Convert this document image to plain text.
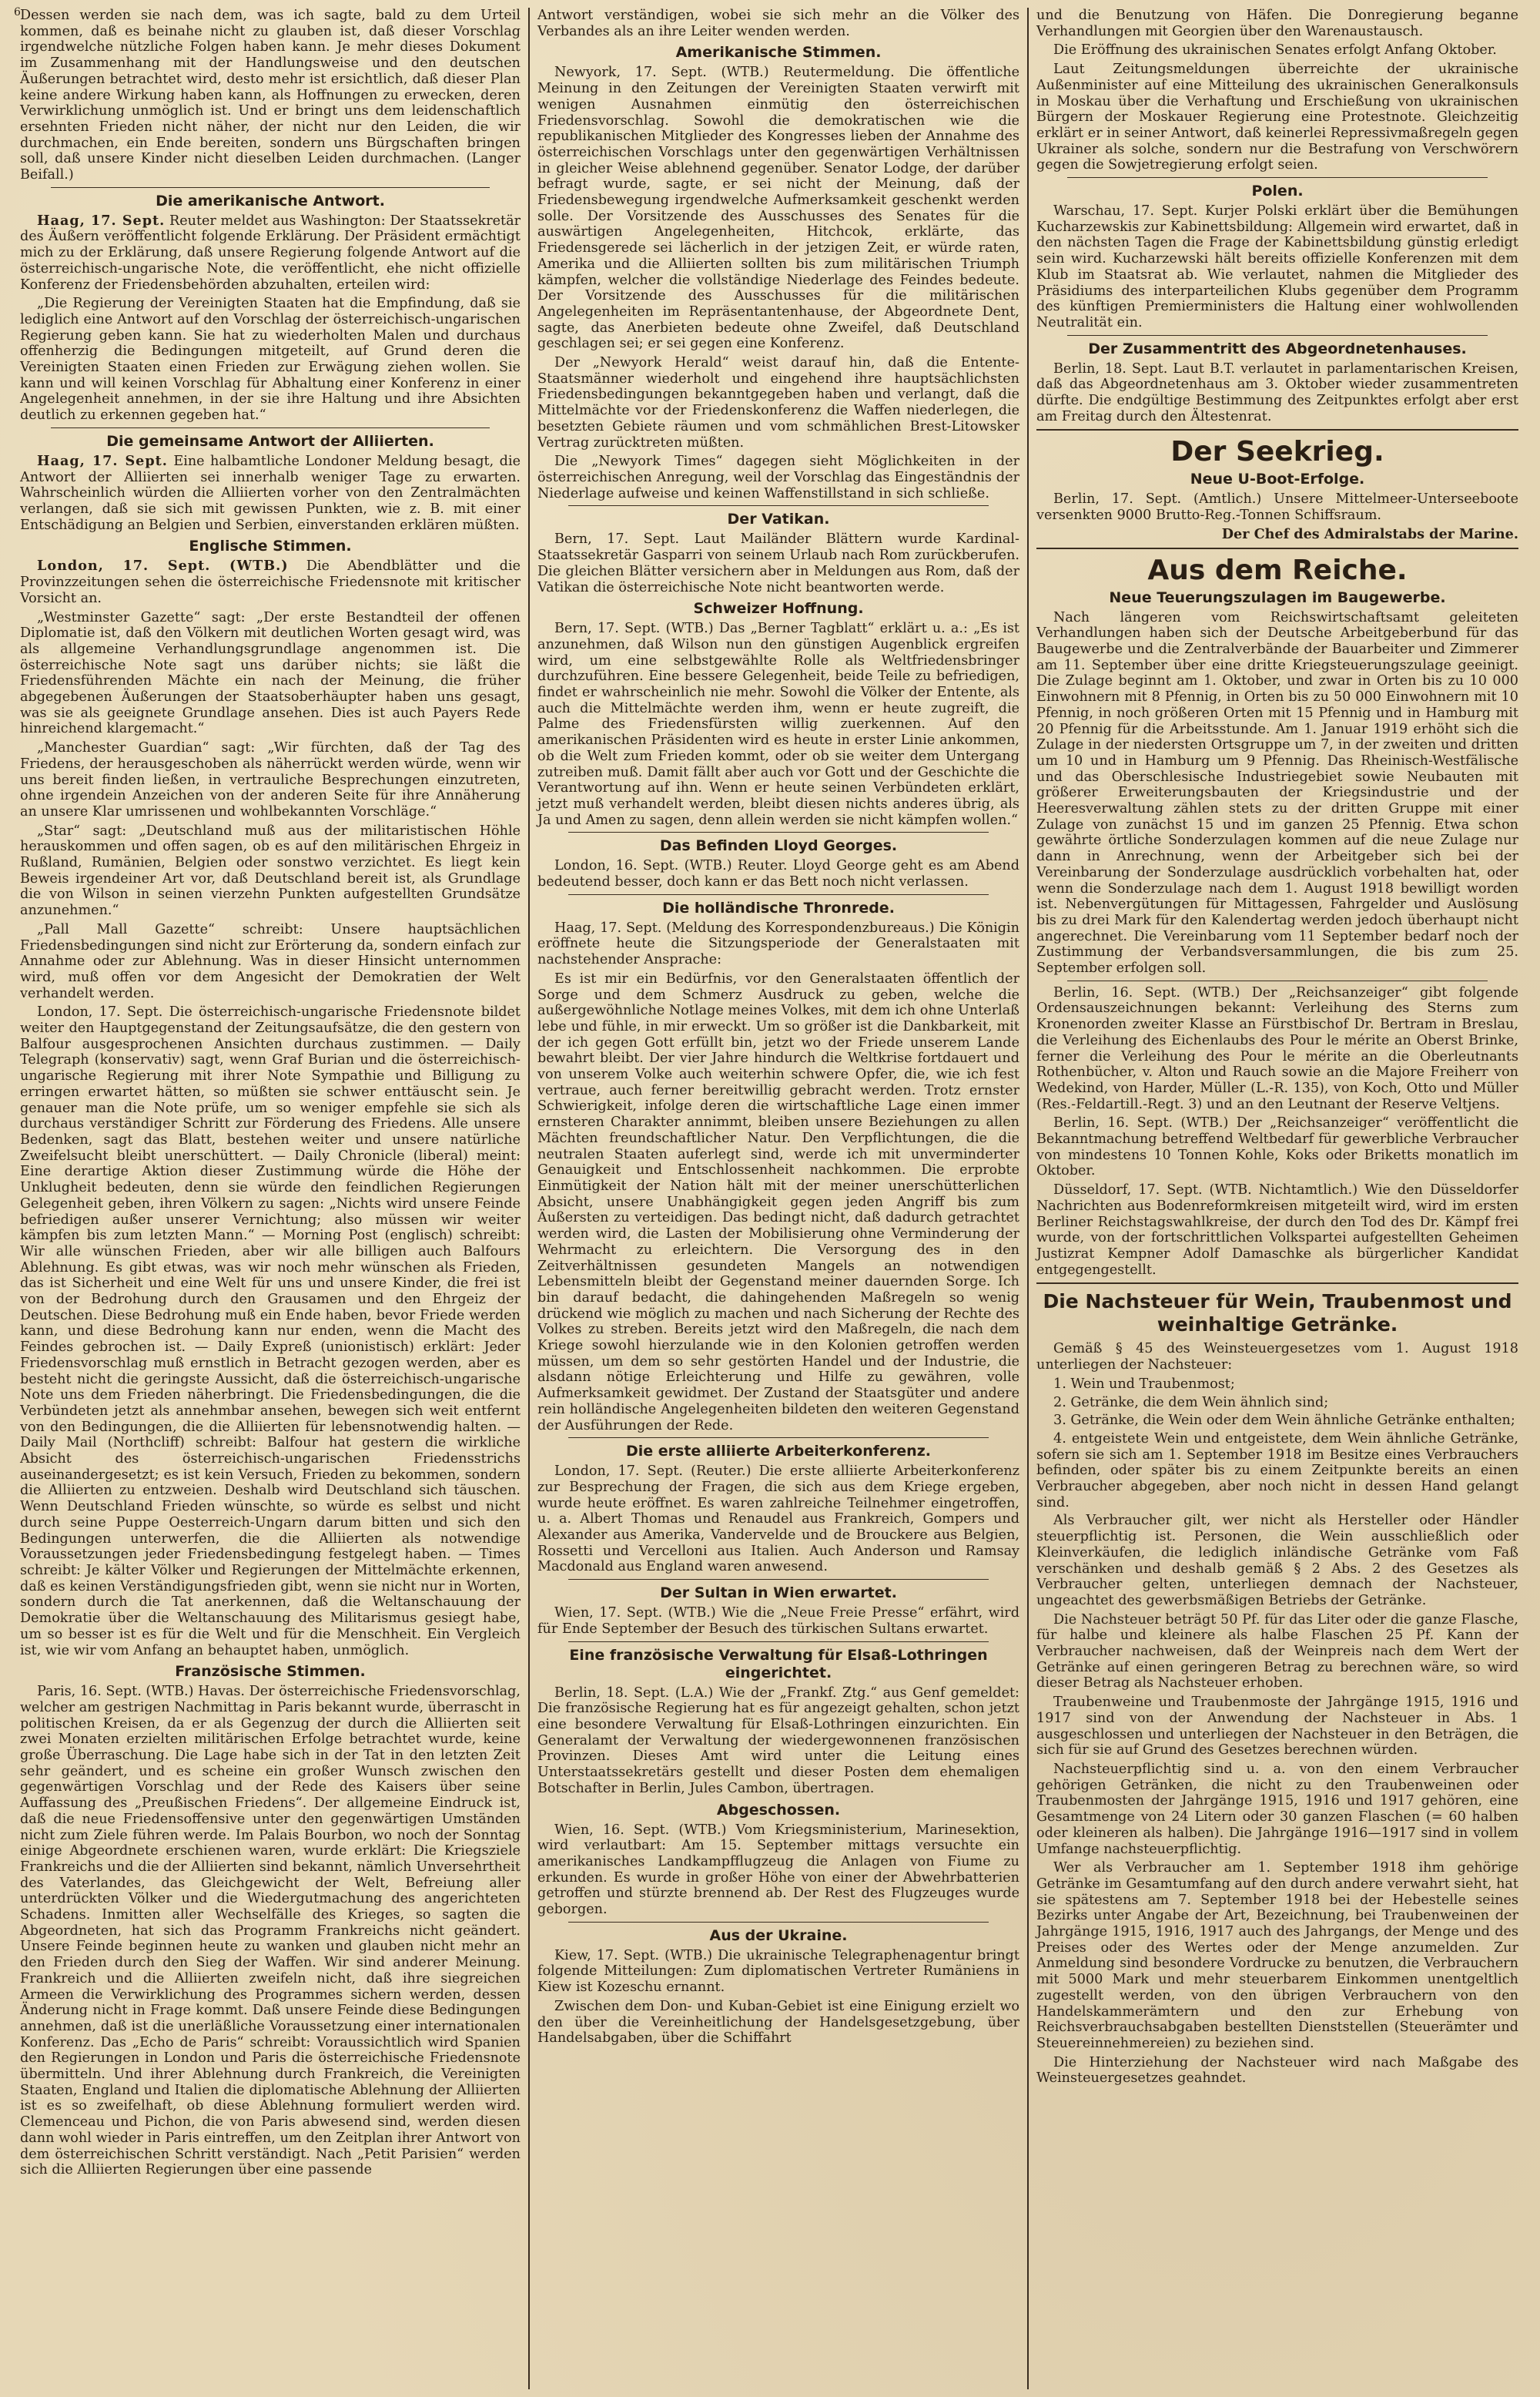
6 Dessen werden sie nach dem, was ich sagte, bald zu dem Urteil kommen, daß es beinahe nicht zu glauben ist, daß dieser Vorschlag irgendwelche nützliche Folgen haben kann. Je mehr dieses Dokument im Zusammenhang mit der Handlungsweise und den deutschen Äußerungen betrachtet wird, desto mehr ist ersichtlich, daß dieser Plan keine andere Wirkung haben kann, als Hoffnungen zu erwecken, deren Verwirklichung unmöglich ist. Und er bringt uns dem leidenschaftlich ersehnten Frieden nicht näher, der nicht nur den Leiden, die wir durchmachen, ein Ende bereiten, sondern uns Bürgschaften bringen soll, daß unsere Kinder nicht dieselben Leiden durchmachen. (Langer Beifall.)

Die amerikanische Antwort.

Haag, 17. Sept. Reuter meldet aus Washington: Der Staatssekretär des Äußern veröffentlicht folgende Erklärung. Der Präsident ermächtigt mich zu der Erklärung, daß unsere Regierung folgende Antwort auf die österreichisch-ungarische Note, die veröffentlicht, ehe nicht offizielle Konferenz der Friedensbehörden abzuhalten, erteilen wird:

„Die Regierung der Vereinigten Staaten hat die Empfindung, daß sie lediglich eine Antwort auf den Vorschlag der österreichisch-ungarischen Regierung geben kann. Sie hat zu wiederholten Malen und durchaus offenherzig die Bedingungen mitgeteilt, auf Grund deren die Vereinigten Staaten einen Frieden zur Erwägung ziehen wollen. Sie kann und will keinen Vorschlag für Abhaltung einer Konferenz in einer Angelegenheit annehmen, in der sie ihre Haltung und ihre Absichten deutlich zu erkennen gegeben hat.“

Die gemeinsame Antwort der Alliierten.

Haag, 17. Sept. Eine halbamtliche Londoner Meldung besagt, die Antwort der Alliierten sei innerhalb weniger Tage zu erwarten. Wahrscheinlich würden die Alliierten vorher von den Zentralmächten verlangen, daß sie sich mit gewissen Punkten, wie z. B. mit einer Entschädigung an Belgien und Serbien, einverstanden erklären müßten.

Englische Stimmen.

London, 17. Sept. (WTB.) Die Abendblätter und die Provinzzeitungen sehen die österreichische Friedensnote mit kritischer Vorsicht an.

„Westminster Gazette“ sagt: „Der erste Bestandteil der offenen Diplomatie ist, daß den Völkern mit deutlichen Worten gesagt wird, was als allgemeine Verhandlungsgrundlage angenommen ist. Die österreichische Note sagt uns darüber nichts; sie läßt die Friedensführenden Mächte ein nach der Meinung, die früher abgegebenen Äußerungen der Staatsoberhäupter haben uns gesagt, was sie als geeignete Grundlage ansehen. Dies ist auch Payers Rede hinreichend klargemacht.“

„Manchester Guardian“ sagt: „Wir fürchten, daß der Tag des Friedens, der herausgeschoben als näherrückt werden würde, wenn wir uns bereit finden ließen, in vertrauliche Besprechungen einzutreten, ohne irgendein Anzeichen von der anderen Seite für ihre Annäherung an unsere Klar umrissenen und wohlbekannten Vorschläge.“

„Star“ sagt: „Deutschland muß aus der militaristischen Höhle herauskommen und offen sagen, ob es auf den militärischen Ehrgeiz in Rußland, Rumänien, Belgien oder sonstwo verzichtet. Es liegt kein Beweis irgendeiner Art vor, daß Deutschland bereit ist, als Grundlage die von Wilson in seinen vierzehn Punkten aufgestellten Grundsätze anzunehmen.“

„Pall Mall Gazette“ schreibt: Unsere hauptsächlichen Friedensbedingungen sind nicht zur Erörterung da, sondern einfach zur Annahme oder zur Ablehnung. Was in dieser Hinsicht unternommen wird, muß offen vor dem Angesicht der Demokratien der Welt verhandelt werden.

London, 17. Sept. Die österreichisch-ungarische Friedensnote bildet weiter den Hauptgegenstand der Zeitungsaufsätze, die den gestern von Balfour ausgesprochenen Ansichten durchaus zustimmen. — Daily Telegraph (konservativ) sagt, wenn Graf Burian und die österreichisch-ungarische Regierung mit ihrer Note Sympathie und Billigung zu erringen erwartet hätten, so müßten sie schwer enttäuscht sein. Je genauer man die Note prüfe, um so weniger empfehle sie sich als durchaus verständiger Schritt zur Förderung des Friedens. Alle unsere Bedenken, sagt das Blatt, bestehen weiter und unsere natürliche Zweifelsucht bleibt unerschüttert. — Daily Chronicle (liberal) meint: Eine derartige Aktion dieser Zustimmung würde die Höhe der Unklugheit bedeuten, denn sie würde den feindlichen Regierungen Gelegenheit geben, ihren Völkern zu sagen: „Nichts wird unsere Feinde befriedigen außer unserer Vernichtung; also müssen wir weiter kämpfen bis zum letzten Mann.“ — Morning Post (englisch) schreibt: Wir alle wünschen Frieden, aber wir alle billigen auch Balfours Ablehnung. Es gibt etwas, was wir noch mehr wünschen als Frieden, das ist Sicherheit und eine Welt für uns und unsere Kinder, die frei ist von der Bedrohung durch den Grausamen und den Ehrgeiz der Deutschen. Diese Bedrohung muß ein Ende haben, bevor Friede werden kann, und diese Bedrohung kann nur enden, wenn die Macht des Feindes gebrochen ist. — Daily Expreß (unionistisch) erklärt: Jeder Friedensvorschlag muß ernstlich in Betracht gezogen werden, aber es besteht nicht die geringste Aussicht, daß die österreichisch-ungarische Note uns dem Frieden näherbringt. Die Friedensbedingungen, die die Verbündeten jetzt als annehmbar ansehen, bewegen sich weit entfernt von den Bedingungen, die die Alliierten für lebensnotwendig halten. — Daily Mail (Northcliff) schreibt: Balfour hat gestern die wirkliche Absicht des österreichisch-ungarischen Friedensstrichs auseinandergesetzt; es ist kein Versuch, Frieden zu bekommen, sondern die Alliierten zu entzweien. Deshalb wird Deutschland sich täuschen. Wenn Deutschland Frieden wünschte, so würde es selbst und nicht durch seine Puppe Oesterreich-Ungarn darum bitten und sich den Bedingungen unterwerfen, die die Alliierten als notwendige Voraussetzungen jeder Friedensbedingung festgelegt haben. — Times schreibt: Je kälter Völker und Regierungen der Mittelmächte erkennen, daß es keinen Verständigungsfrieden gibt, wenn sie nicht nur in Worten, sondern durch die Tat anerkennen, daß die Weltanschauung der Demokratie über die Weltanschauung des Militarismus gesiegt habe, um so besser ist es für die Welt und für die Menschheit. Ein Vergleich ist, wie wir vom Anfang an behauptet haben, unmöglich.

Französische Stimmen.

Paris, 16. Sept. (WTB.) Havas. Der österreichische Friedensvorschlag, welcher am gestrigen Nachmittag in Paris bekannt wurde, überrascht in politischen Kreisen, da er als Gegenzug der durch die Alliierten seit zwei Monaten erzielten militärischen Erfolge betrachtet wurde, keine große Überraschung. Die Lage habe sich in der Tat in den letzten Zeit sehr geändert, und es scheine ein großer Wunsch zwischen den gegenwärtigen Vorschlag und der Rede des Kaisers über seine Auffassung des „Preußischen Friedens“. Der allgemeine Eindruck ist, daß die neue Friedensoffensive unter den gegenwärtigen Umständen nicht zum Ziele führen werde. Im Palais Bourbon, wo noch der Sonntag einige Abgeordnete erschienen waren, wurde erklärt: Die Kriegsziele Frankreichs und die der Alliierten sind bekannt, nämlich Unversehrtheit des Vaterlandes, das Gleichgewicht der Welt, Befreiung aller unterdrückten Völker und die Wiedergutmachung des angerichteten Schadens. Inmitten aller Wechselfälle des Krieges, so sagten die Abgeordneten, hat sich das Programm Frankreichs nicht geändert. Unsere Feinde beginnen heute zu wanken und glauben nicht mehr an den Frieden durch den Sieg der Waffen. Wir sind anderer Meinung. Frankreich und die Alliierten zweifeln nicht, daß ihre siegreichen Armeen die Verwirklichung des Programmes sichern werden, dessen Änderung nicht in Frage kommt. Daß unsere Feinde diese Bedingungen annehmen, daß ist die unerläßliche Voraussetzung einer internationalen Konferenz. Das „Echo de Paris“ schreibt: Voraussichtlich wird Spanien den Regierungen in London und Paris die österreichische Friedensnote übermitteln. Und ihrer Ablehnung durch Frankreich, die Vereinigten Staaten, England und Italien die diplomatische Ablehnung der Alliierten ist es so zweifelhaft, ob diese Ablehnung formuliert werden wird. Clemenceau und Pichon, die von Paris abwesend sind, werden diesen dann wohl wieder in Paris eintreffen, um den Zeitplan ihrer Antwort von dem österreichischen Schritt verständigt. Nach „Petit Parisien“ werden sich die Alliierten Regierungen über eine passende

Antwort verständigen, wobei sie sich mehr an die Völker des Verbandes als an ihre Leiter wenden werden.

Amerikanische Stimmen.

Newyork, 17. Sept. (WTB.) Reutermeldung. Die öffentliche Meinung in den Zeitungen der Vereinigten Staaten verwirft mit wenigen Ausnahmen einmütig den österreichischen Friedensvorschlag. Sowohl die demokratischen wie die republikanischen Mitglieder des Kongresses lieben der Annahme des österreichischen Vorschlags unter den gegenwärtigen Verhältnissen in gleicher Weise ablehnend gegenüber. Senator Lodge, der darüber befragt wurde, sagte, er sei nicht der Meinung, daß der Friedensbewegung irgendwelche Aufmerksamkeit geschenkt werden solle. Der Vorsitzende des Ausschusses des Senates für die auswärtigen Angelegenheiten, Hitchcok, erklärte, das Friedensgerede sei lächerlich in der jetzigen Zeit, er würde raten, Amerika und die Alliierten sollten bis zum militärischen Triumph kämpfen, welcher die vollständige Niederlage des Feindes bedeute. Der Vorsitzende des Ausschusses für die militärischen Angelegenheiten im Repräsentantenhause, der Abgeordnete Dent, sagte, das Anerbieten bedeute ohne Zweifel, daß Deutschland geschlagen sei; er sei gegen eine Konferenz.

Der „Newyork Herald“ weist darauf hin, daß die Entente-Staatsmänner wiederholt und eingehend ihre hauptsächlichsten Friedensbedingungen bekanntgegeben haben und verlangt, daß die Mittelmächte vor der Friedenskonferenz die Waffen niederlegen, die besetzten Gebiete räumen und vom schmählichen Brest-Litowsker Vertrag zurücktreten müßten.

Die „Newyork Times“ dagegen sieht Möglichkeiten in der österreichischen Anregung, weil der Vorschlag das Eingeständnis der Niederlage aufweise und keinen Waffenstillstand in sich schließe.

Der Vatikan.

Bern, 17. Sept. Laut Mailänder Blättern wurde Kardinal-Staatssekretär Gasparri von seinem Urlaub nach Rom zurückberufen. Die gleichen Blätter versichern aber in Meldungen aus Rom, daß der Vatikan die österreichische Note nicht beantworten werde.

Schweizer Hoffnung.

Bern, 17. Sept. (WTB.) Das „Berner Tagblatt“ erklärt u. a.: „Es ist anzunehmen, daß Wilson nun den günstigen Augenblick ergreifen wird, um eine selbstgewählte Rolle als Weltfriedensbringer durchzuführen. Eine bessere Gelegenheit, beide Teile zu befriedigen, findet er wahrscheinlich nie mehr. Sowohl die Völker der Entente, als auch die Mittelmächte werden ihm, wenn er heute zugreift, die Palme des Friedensfürsten willig zuerkennen. Auf den amerikanischen Präsidenten wird es heute in erster Linie ankommen, ob die Welt zum Frieden kommt, oder ob sie weiter dem Untergang zutreiben muß. Damit fällt aber auch vor Gott und der Geschichte die Verantwortung auf ihn. Wenn er heute seinen Verbündeten erklärt, jetzt muß verhandelt werden, bleibt diesen nichts anderes übrig, als Ja und Amen zu sagen, denn allein werden sie nicht kämpfen wollen.“

Das Befinden Lloyd Georges.

London, 16. Sept. (WTB.) Reuter. Lloyd George geht es am Abend bedeutend besser, doch kann er das Bett noch nicht verlassen.

Die holländische Thronrede.

Haag, 17. Sept. (Meldung des Korrespondenzbureaus.) Die Königin eröffnete heute die Sitzungsperiode der Generalstaaten mit nachstehender Ansprache:

Es ist mir ein Bedürfnis, vor den Generalstaaten öffentlich der Sorge und dem Schmerz Ausdruck zu geben, welche die außergewöhnliche Notlage meines Volkes, mit dem ich ohne Unterlaß lebe und fühle, in mir erweckt. Um so größer ist die Dankbarkeit, mit der ich gegen Gott erfüllt bin, jetzt wo der Friede unserem Lande bewahrt bleibt. Der vier Jahre hindurch die Weltkrise fortdauert und von unserem Volke auch weiterhin schwere Opfer, die, wie ich fest vertraue, auch ferner bereitwillig gebracht werden. Trotz ernster Schwierigkeit, infolge deren die wirtschaftliche Lage einen immer ernsteren Charakter annimmt, bleiben unsere Beziehungen zu allen Mächten freundschaftlicher Natur. Den Verpflichtungen, die die neutralen Staaten auferlegt sind, werde ich mit unverminderter Genauigkeit und Entschlossenheit nachkommen. Die erprobte Einmütigkeit der Nation hält mit der meiner unerschütterlichen Absicht, unsere Unabhängigkeit gegen jeden Angriff bis zum Äußersten zu verteidigen. Das bedingt nicht, daß dadurch getrachtet werden wird, die Lasten der Mobilisierung ohne Verminderung der Wehrmacht zu erleichtern. Die Versorgung des in den Zeitverhältnissen gesundeten Mangels an notwendigen Lebensmitteln bleibt der Gegenstand meiner dauernden Sorge. Ich bin darauf bedacht, die dahingehenden Maßregeln so wenig drückend wie möglich zu machen und nach Sicherung der Rechte des Volkes zu streben. Bereits jetzt wird den Maßregeln, die nach dem Kriege sowohl hierzulande wie in den Kolonien getroffen werden müssen, um dem so sehr gestörten Handel und der Industrie, die alsdann nötige Erleichterung und Hilfe zu gewähren, volle Aufmerksamkeit gewidmet. Der Zustand der Staatsgüter und andere rein holländische Angelegenheiten bildeten den weiteren Gegenstand der Ausführungen der Rede.

Die erste alliierte Arbeiterkonferenz.

London, 17. Sept. (Reuter.) Die erste alliierte Arbeiterkonferenz zur Besprechung der Fragen, die sich aus dem Kriege ergeben, wurde heute eröffnet. Es waren zahlreiche Teilnehmer eingetroffen, u. a. Albert Thomas und Renaudel aus Frankreich, Gompers und Alexander aus Amerika, Vandervelde und de Brouckere aus Belgien, Rossetti und Vercelloni aus Italien. Auch Anderson und Ramsay Macdonald aus England waren anwesend.

Der Sultan in Wien erwartet.

Wien, 17. Sept. (WTB.) Wie die „Neue Freie Presse“ erfährt, wird für Ende September der Besuch des türkischen Sultans erwartet.

Eine französische Verwaltung für Elsaß-Lothringen eingerichtet.

Berlin, 18. Sept. (L.A.) Wie der „Frankf. Ztg.“ aus Genf gemeldet: Die französische Regierung hat es für angezeigt gehalten, schon jetzt eine besondere Verwaltung für Elsaß-Lothringen einzurichten. Ein Generalamt der Verwaltung der wiedergewonnenen französischen Provinzen. Dieses Amt wird unter die Leitung eines Unterstaatssekretärs gestellt und dieser Posten dem ehemaligen Botschafter in Berlin, Jules Cambon, übertragen.

Abgeschossen.

Wien, 16. Sept. (WTB.) Vom Kriegsministerium, Marinesektion, wird verlautbart: Am 15. September mittags versuchte ein amerikanisches Landkampfflugzeug die Anlagen von Fiume zu erkunden. Es wurde in großer Höhe von einer der Abwehrbatterien getroffen und stürzte brennend ab. Der Rest des Flugzeuges wurde geborgen.

Aus der Ukraine.

Kiew, 17. Sept. (WTB.) Die ukrainische Telegraphenagentur bringt folgende Mitteilungen: Zum diplomatischen Vertreter Rumäniens in Kiew ist Kozeschu ernannt.

Zwischen dem Don- und Kuban-Gebiet ist eine Einigung erzielt wo den über die Vereinheitlichung der Handelsgesetzgebung, über Handelsabgaben, über die Schiffahrt

und die Benutzung von Häfen. Die Donregierung beganne Verhandlungen mit Georgien über den Warenaustausch.

Die Eröffnung des ukrainischen Senates erfolgt Anfang Oktober.

Laut Zeitungsmeldungen überreichte der ukrainische Außenminister auf eine Mitteilung des ukrainischen Generalkonsuls in Moskau über die Verhaftung und Erschießung von ukrainischen Bürgern der Moskauer Regierung eine Protestnote. Gleichzeitig erklärt er in seiner Antwort, daß keinerlei Repressivmaßregeln gegen Ukrainer als solche, sondern nur die Bestrafung von Verschwörern gegen die Sowjetregierung erfolgt seien.

Polen.

Warschau, 17. Sept. Kurjer Polski erklärt über die Bemühungen Kucharzewskis zur Kabinettsbildung: Allgemein wird erwartet, daß in den nächsten Tagen die Frage der Kabinettsbildung günstig erledigt sein wird. Kucharzewski hält bereits offizielle Konferenzen mit dem Klub im Staatsrat ab. Wie verlautet, nahmen die Mitglieder des Präsidiums des interparteilichen Klubs gegenüber dem Programm des künftigen Premierministers die Haltung einer wohlwollenden Neutralität ein.

Der Zusammentritt des Abgeordnetenhauses.

Berlin, 18. Sept. Laut B.T. verlautet in parlamentarischen Kreisen, daß das Abgeordnetenhaus am 3. Oktober wieder zusammentreten dürfte. Die endgültige Bestimmung des Zeitpunktes erfolgt aber erst am Freitag durch den Ältestenrat.

Der Seekrieg.
Neue U-Boot-Erfolge.

Berlin, 17. Sept. (Amtlich.) Unsere Mittelmeer-Unterseeboote versenkten 9000 Brutto-Reg.-Tonnen Schiffsraum.

Der Chef des Admiralstabs der Marine.

Aus dem Reiche.
Neue Teuerungszulagen im Baugewerbe.

Nach längeren vom Reichswirtschaftsamt geleiteten Verhandlungen haben sich der Deutsche Arbeitgeberbund für das Baugewerbe und die Zentralverbände der Bauarbeiter und Zimmerer am 11. September über eine dritte Kriegsteuerungszulage geeinigt. Die Zulage beginnt am 1. Oktober, und zwar in Orten bis zu 10 000 Einwohnern mit 8 Pfennig, in Orten bis zu 50 000 Einwohnern mit 10 Pfennig, in noch größeren Orten mit 15 Pfennig und in Hamburg mit 20 Pfennig für die Arbeitsstunde. Am 1. Januar 1919 erhöht sich die Zulage in der niedersten Ortsgruppe um 7, in der zweiten und dritten um 10 und in Hamburg um 9 Pfennig. Das Rheinisch-Westfälische und das Oberschlesische Industriegebiet sowie Neubauten mit größerer Erweiterungsbauten der Kriegsindustrie und der Heeresverwaltung zählen stets zu der dritten Gruppe mit einer Zulage von zunächst 15 und im ganzen 25 Pfennig. Etwa schon gewährte örtliche Sonderzulagen kommen auf die neue Zulage nur dann in Anrechnung, wenn der Arbeitgeber sich bei der Vereinbarung der Sonderzulage ausdrücklich vorbehalten hat, oder wenn die Sonderzulage nach dem 1. August 1918 bewilligt worden ist. Nebenvergütungen für Mittagessen, Fahrgelder und Auslösung bis zu drei Mark für den Kalendertag werden jedoch überhaupt nicht angerechnet. Die Vereinbarung vom 11 September bedarf noch der Zustimmung der Verbandsversammlungen, die bis zum 25. September erfolgen soll.

Berlin, 16. Sept. (WTB.) Der „Reichsanzeiger“ gibt folgende Ordensauszeichnungen bekannt: Verleihung des Sterns zum Kronenorden zweiter Klasse an Fürstbischof Dr. Bertram in Breslau, die Verleihung des Eichenlaubs des Pour le mérite an Oberst Brinke, ferner die Verleihung des Pour le mérite an die Oberleutnants Rothenbücher, v. Alton und Rauch sowie an die Majore Freiherr von Wedekind, von Harder, Müller (L.-R. 135), von Koch, Otto und Müller (Res.-Feldartill.-Regt. 3) und an den Leutnant der Reserve Veltjens.

Berlin, 16. Sept. (WTB.) Der „Reichsanzeiger“ veröffentlicht die Bekanntmachung betreffend Weltbedarf für gewerbliche Verbraucher von mindestens 10 Tonnen Kohle, Koks oder Briketts monatlich im Oktober.

Düsseldorf, 17. Sept. (WTB. Nichtamtlich.) Wie den Düsseldorfer Nachrichten aus Bodenreformkreisen mitgeteilt wird, wird im ersten Berliner Reichstagswahlkreise, der durch den Tod des Dr. Kämpf frei wurde, von der fortschrittlichen Volkspartei aufgestellten Geheimen Justizrat Kempner Adolf Damaschke als bürgerlicher Kandidat entgegengestellt.

Die Nachsteuer für Wein, Traubenmost und weinhaltige Getränke.

Gemäß § 45 des Weinsteuergesetzes vom 1. August 1918 unterliegen der Nachsteuer:

1. Wein und Traubenmost;

2. Getränke, die dem Wein ähnlich sind;

3. Getränke, die Wein oder dem Wein ähnliche Getränke enthalten;

4. entgeistete Wein und entgeistete, dem Wein ähnliche Getränke, sofern sie sich am 1. September 1918 im Besitze eines Verbrauchers befinden, oder später bis zu einem Zeitpunkte bereits an einen Verbraucher abgegeben, aber noch nicht in dessen Hand gelangt sind.

Als Verbraucher gilt, wer nicht als Hersteller oder Händler steuerpflichtig ist. Personen, die Wein ausschließlich oder Kleinverkäufen, die lediglich inländische Getränke vom Faß verschänken und deshalb gemäß § 2 Abs. 2 des Gesetzes als Verbraucher gelten, unterliegen demnach der Nachsteuer, ungeachtet des gewerbsmäßigen Betriebs der Getränke.

Die Nachsteuer beträgt 50 Pf. für das Liter oder die ganze Flasche, für halbe und kleinere als halbe Flaschen 25 Pf. Kann der Verbraucher nachweisen, daß der Weinpreis nach dem Wert der Getränke auf einen geringeren Betrag zu berechnen wäre, so wird dieser Betrag als Nachsteuer erhoben.

Traubenweine und Traubenmoste der Jahrgänge 1915, 1916 und 1917 sind von der Anwendung der Nachsteuer in Abs. 1 ausgeschlossen und unterliegen der Nachsteuer in den Beträgen, die sich für sie auf Grund des Gesetzes berechnen würden.

Nachsteuerpflichtig sind u. a. von den einem Verbraucher gehörigen Getränken, die nicht zu den Traubenweinen oder Traubenmosten der Jahrgänge 1915, 1916 und 1917 gehören, eine Gesamtmenge von 24 Litern oder 30 ganzen Flaschen (= 60 halben oder kleineren als halben). Die Jahrgänge 1916—1917 sind in vollem Umfange nachsteuerpflichtig.

Wer als Verbraucher am 1. September 1918 ihm gehörige Getränke im Gesamtumfang auf den durch andere verwahrt sieht, hat sie spätestens am 7. September 1918 bei der Hebestelle seines Bezirks unter Angabe der Art, Bezeichnung, bei Traubenweinen der Jahrgänge 1915, 1916, 1917 auch des Jahrgangs, der Menge und des Preises oder des Wertes oder der Menge anzumelden. Zur Anmeldung sind besondere Vordrucke zu benutzen, die Verbrauchern mit 5000 Mark und mehr steuerbarem Einkommen unentgeltlich zugestellt werden, von den übrigen Verbrauchern von den Handelskammerämtern und den zur Erhebung von Reichsverbrauchsabgaben bestellten Dienststellen (Steuerämter und Steuereinnehmereien) zu beziehen sind.

Die Hinterziehung der Nachsteuer wird nach Maßgabe des Weinsteuergesetzes geahndet.
